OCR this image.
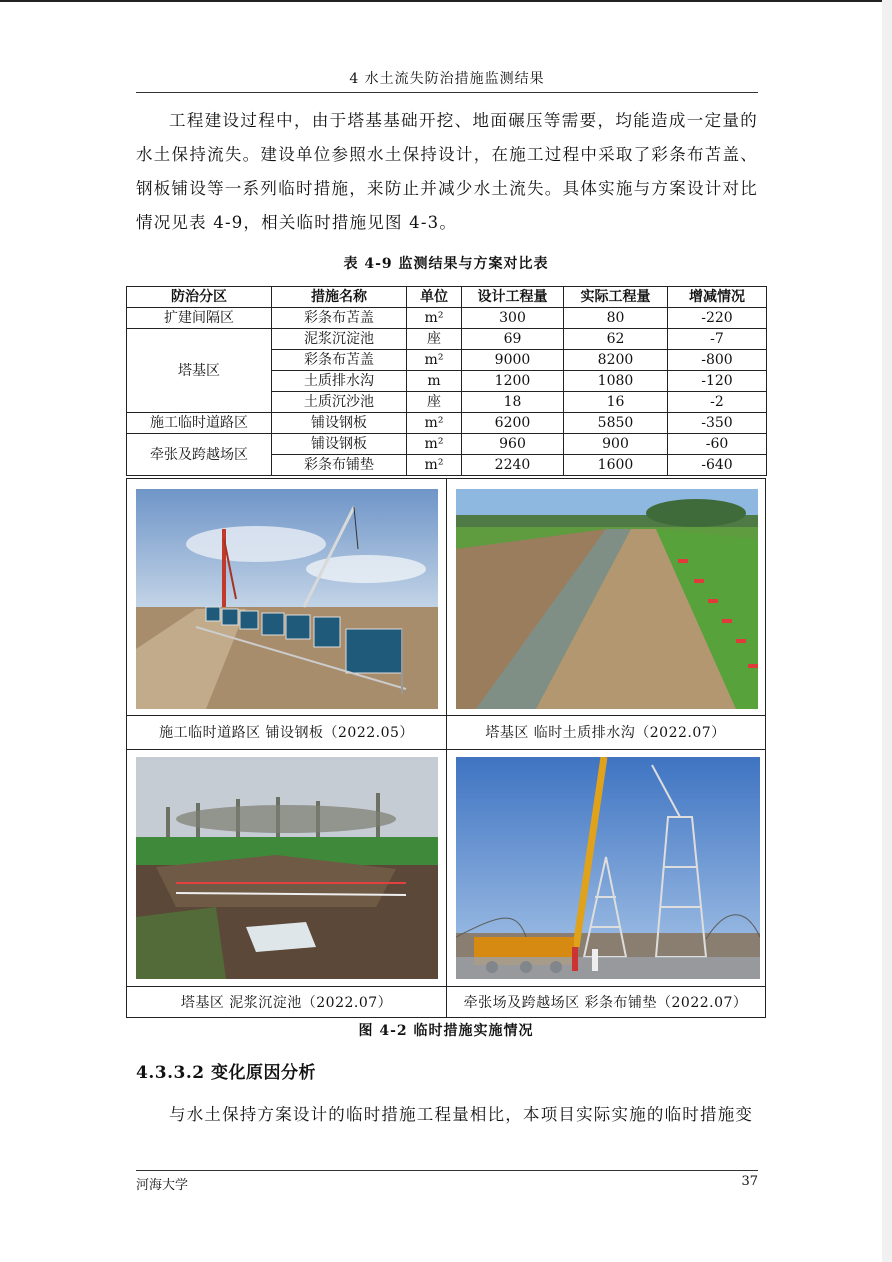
4 水土流失防治措施监测结果

工程建设过程中，由于塔基基础开挖、地面碾压等需要，均能造成一定量的水土保持流失。建设单位参照水土保持设计，在施工过程中采取了彩条布苫盖、钢板铺设等一系列临时措施，来防止并减少水土流失。具体实施与方案设计对比情况见表 4-9，相关临时措施见图 4-3。

表 4-9 监测结果与方案对比表
防治分区	措施名称	单位	设计工程量	实际工程量	增减情况
扩建间隔区	彩条布苫盖	m²	300	80	-220
塔基区	泥浆沉淀池	座	69	62	-7
	彩条布苫盖	m²	9000	8200	-800
	土质排水沟	m	1200	1080	-120
	土质沉沙池	座	18	16	-2
施工临时道路区	铺设钢板	m²	6200	5850	-350
牵张及跨越场区	铺设钢板	m²	960	900	-60
	彩条布铺垫	m²	2240	1600	-640
施工临时道路区 铺设钢板（2022.05）	塔基区 临时土质排水沟（2022.07）
塔基区 泥浆沉淀池（2022.07）	牵张场及跨越场区 彩条布铺垫（2022.07）
图 4-2 临时措施实施情况
4.3.3.2 变化原因分析

与水土保持方案设计的临时措施工程量相比，本项目实际实施的临时措施变

河海大学	37
